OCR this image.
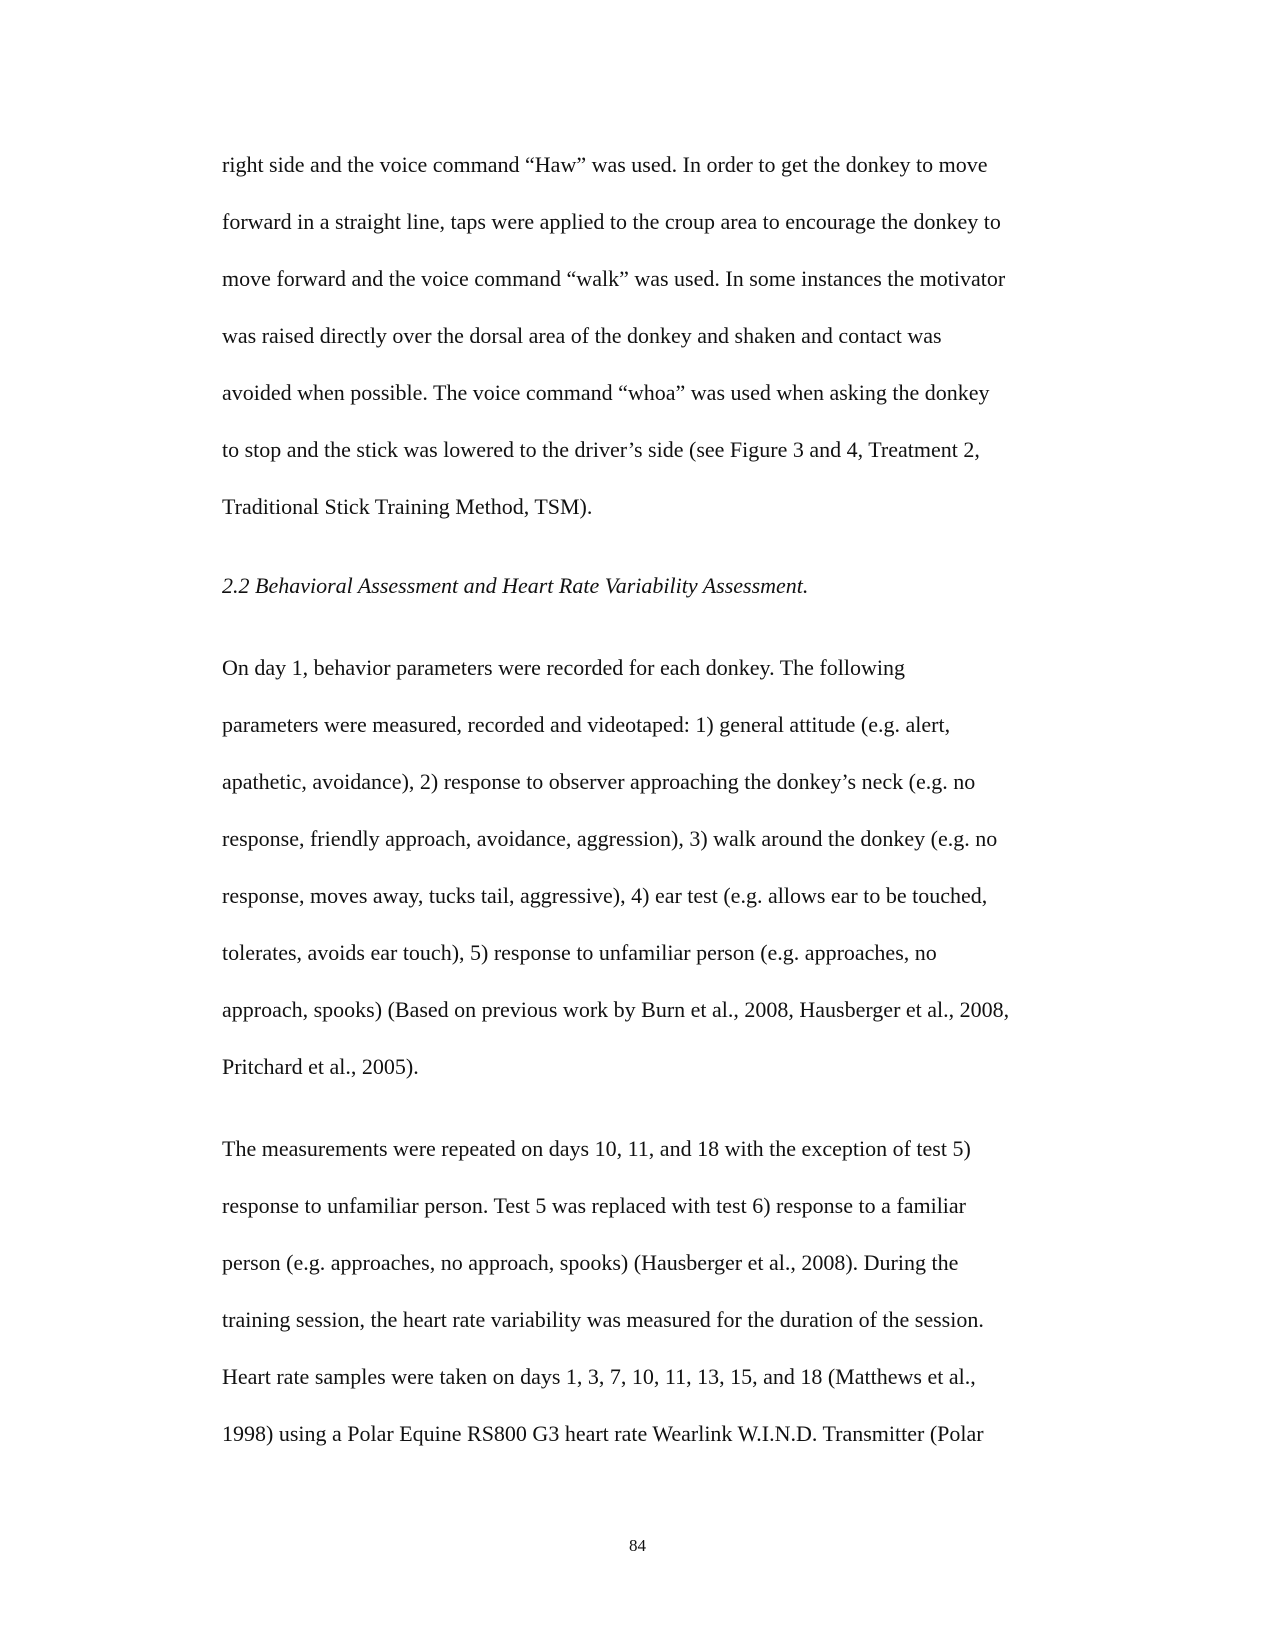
right side and the voice command “Haw” was used. In order to get the donkey to move
forward in a straight line, taps were applied to the croup area to encourage the donkey to
move forward and the voice command “walk” was used. In some instances the motivator
was raised directly over the dorsal area of the donkey and shaken and contact was
avoided when possible. The voice command “whoa” was used when asking the donkey
to stop and the stick was lowered to the driver’s side (see Figure 3 and 4, Treatment 2,
Traditional Stick Training Method, TSM).
2.2 Behavioral Assessment and Heart Rate Variability Assessment.
On day 1, behavior parameters were recorded for each donkey. The following
parameters were measured, recorded and videotaped: 1) general attitude (e.g. alert,
apathetic, avoidance), 2) response to observer approaching the donkey’s neck (e.g. no
response, friendly approach, avoidance, aggression), 3) walk around the donkey (e.g. no
response, moves away, tucks tail, aggressive), 4) ear test (e.g. allows ear to be touched,
tolerates, avoids ear touch), 5) response to unfamiliar person (e.g. approaches, no
approach, spooks) (Based on previous work by Burn et al., 2008, Hausberger et al., 2008,
Pritchard et al., 2005).
The measurements were repeated on days 10, 11, and 18 with the exception of test 5)
response to unfamiliar person. Test 5 was replaced with test 6) response to a familiar
person (e.g. approaches, no approach, spooks) (Hausberger et al., 2008). During the
training session, the heart rate variability was measured for the duration of the session.
Heart rate samples were taken on days 1, 3, 7, 10, 11, 13, 15, and 18 (Matthews et al.,
1998) using a Polar Equine RS800 G3 heart rate Wearlink W.I.N.D. Transmitter (Polar
84
